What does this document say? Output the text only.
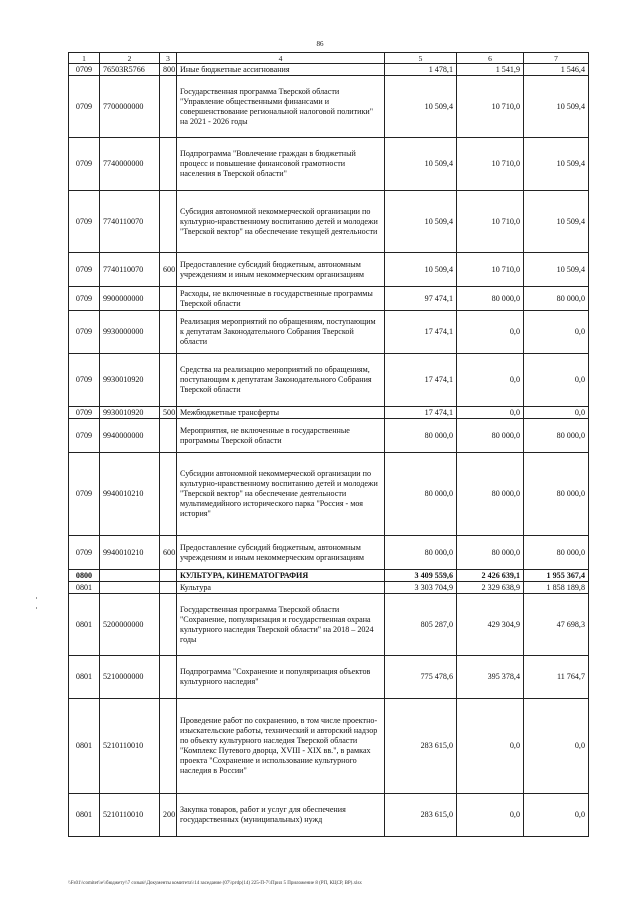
86
1	2	3	4	5	6	7
0709	76503R5766	800	Иные бюджетные ассигнования	1 478,1	1 541,9	1 546,4
0709	7700000000		Государственная программа Тверской области "Управление общественными финансами и совершенствование региональной налоговой политики" на 2021 - 2026 годы	10 509,4	10 710,0	10 509,4
0709	7740000000		Подпрограмма "Вовлечение граждан в бюджетный процесс и повышение финансовой грамотности населения в Тверской области"	10 509,4	10 710,0	10 509,4
0709	7740110070		Субсидия автономной некоммерческой организации по культурно-нравственному воспитанию детей и молодежи "Тверской вектор" на обеспечение текущей деятельности	10 509,4	10 710,0	10 509,4
0709	7740110070	600	Предоставление субсидий бюджетным, автономным учреждениям и иным некоммерческим организациям	10 509,4	10 710,0	10 509,4
0709	9900000000		Расходы, не включенные в государственные программы Тверской области	97 474,1	80 000,0	80 000,0
0709	9930000000		Реализация мероприятий по обращениям, поступающим к депутатам Законодательного Собрания Тверской области	17 474,1	0,0	0,0
0709	9930010920		Средства на реализацию мероприятий по обращениям, поступающим к депутатам Законодательного Собрания Тверской области	17 474,1	0,0	0,0
0709	9930010920	500	Межбюджетные трансферты	17 474,1	0,0	0,0
0709	9940000000		Мероприятия, не включенные в государственные программы Тверской области	80 000,0	80 000,0	80 000,0
0709	9940010210		Субсидии автономной некоммерческой организации по культурно-нравственному воспитанию детей и молодежи "Тверской вектор" на обеспечение деятельности мультимедийного исторического парка "Россия - моя история"	80 000,0	80 000,0	80 000,0
0709	9940010210	600	Предоставление субсидий бюджетным, автономным учреждениям и иным некоммерческим организациям	80 000,0	80 000,0	80 000,0
0800			КУЛЬТУРА, КИНЕМАТОГРАФИЯ	3 409 559,6	2 426 639,1	1 955 367,4
0801			Культура	3 303 704,9	2 329 638,9	1 858 189,8
0801	5200000000		Государственная программа Тверской области "Сохранение, популяризация и государственная охрана культурного наследия Тверской области" на 2018 – 2024 годы	805 287,0	429 304,9	47 698,3
0801	5210000000		Подпрограмма "Сохранение и популяризация объектов культурного наследия"	775 478,6	395 378,4	11 764,7
0801	5210110010		Проведение работ по сохранению, в том числе проектно-изыскательские работы, технический и авторский надзор по объекту культурного наследия Тверской области "Комплекс Путевого дворца, XVIII - XIX вв.", в рамках проекта "Сохранение и использование культурного наследия в России"	283 615,0	0,0	0,0
0801	5210110010	200	Закупка товаров, работ и услуг для обеспечения государственных (муниципальных) нужд	283 615,0	0,0	0,0
\\Fs01\\comitet\\e\\бюджету\\7 созыв\\Документы комитета\\14 заседание (07\\ргdp(14) 225-П-7\\Прил 5 Приложение 8 (РП, КЦСР, ВР).xlsx
